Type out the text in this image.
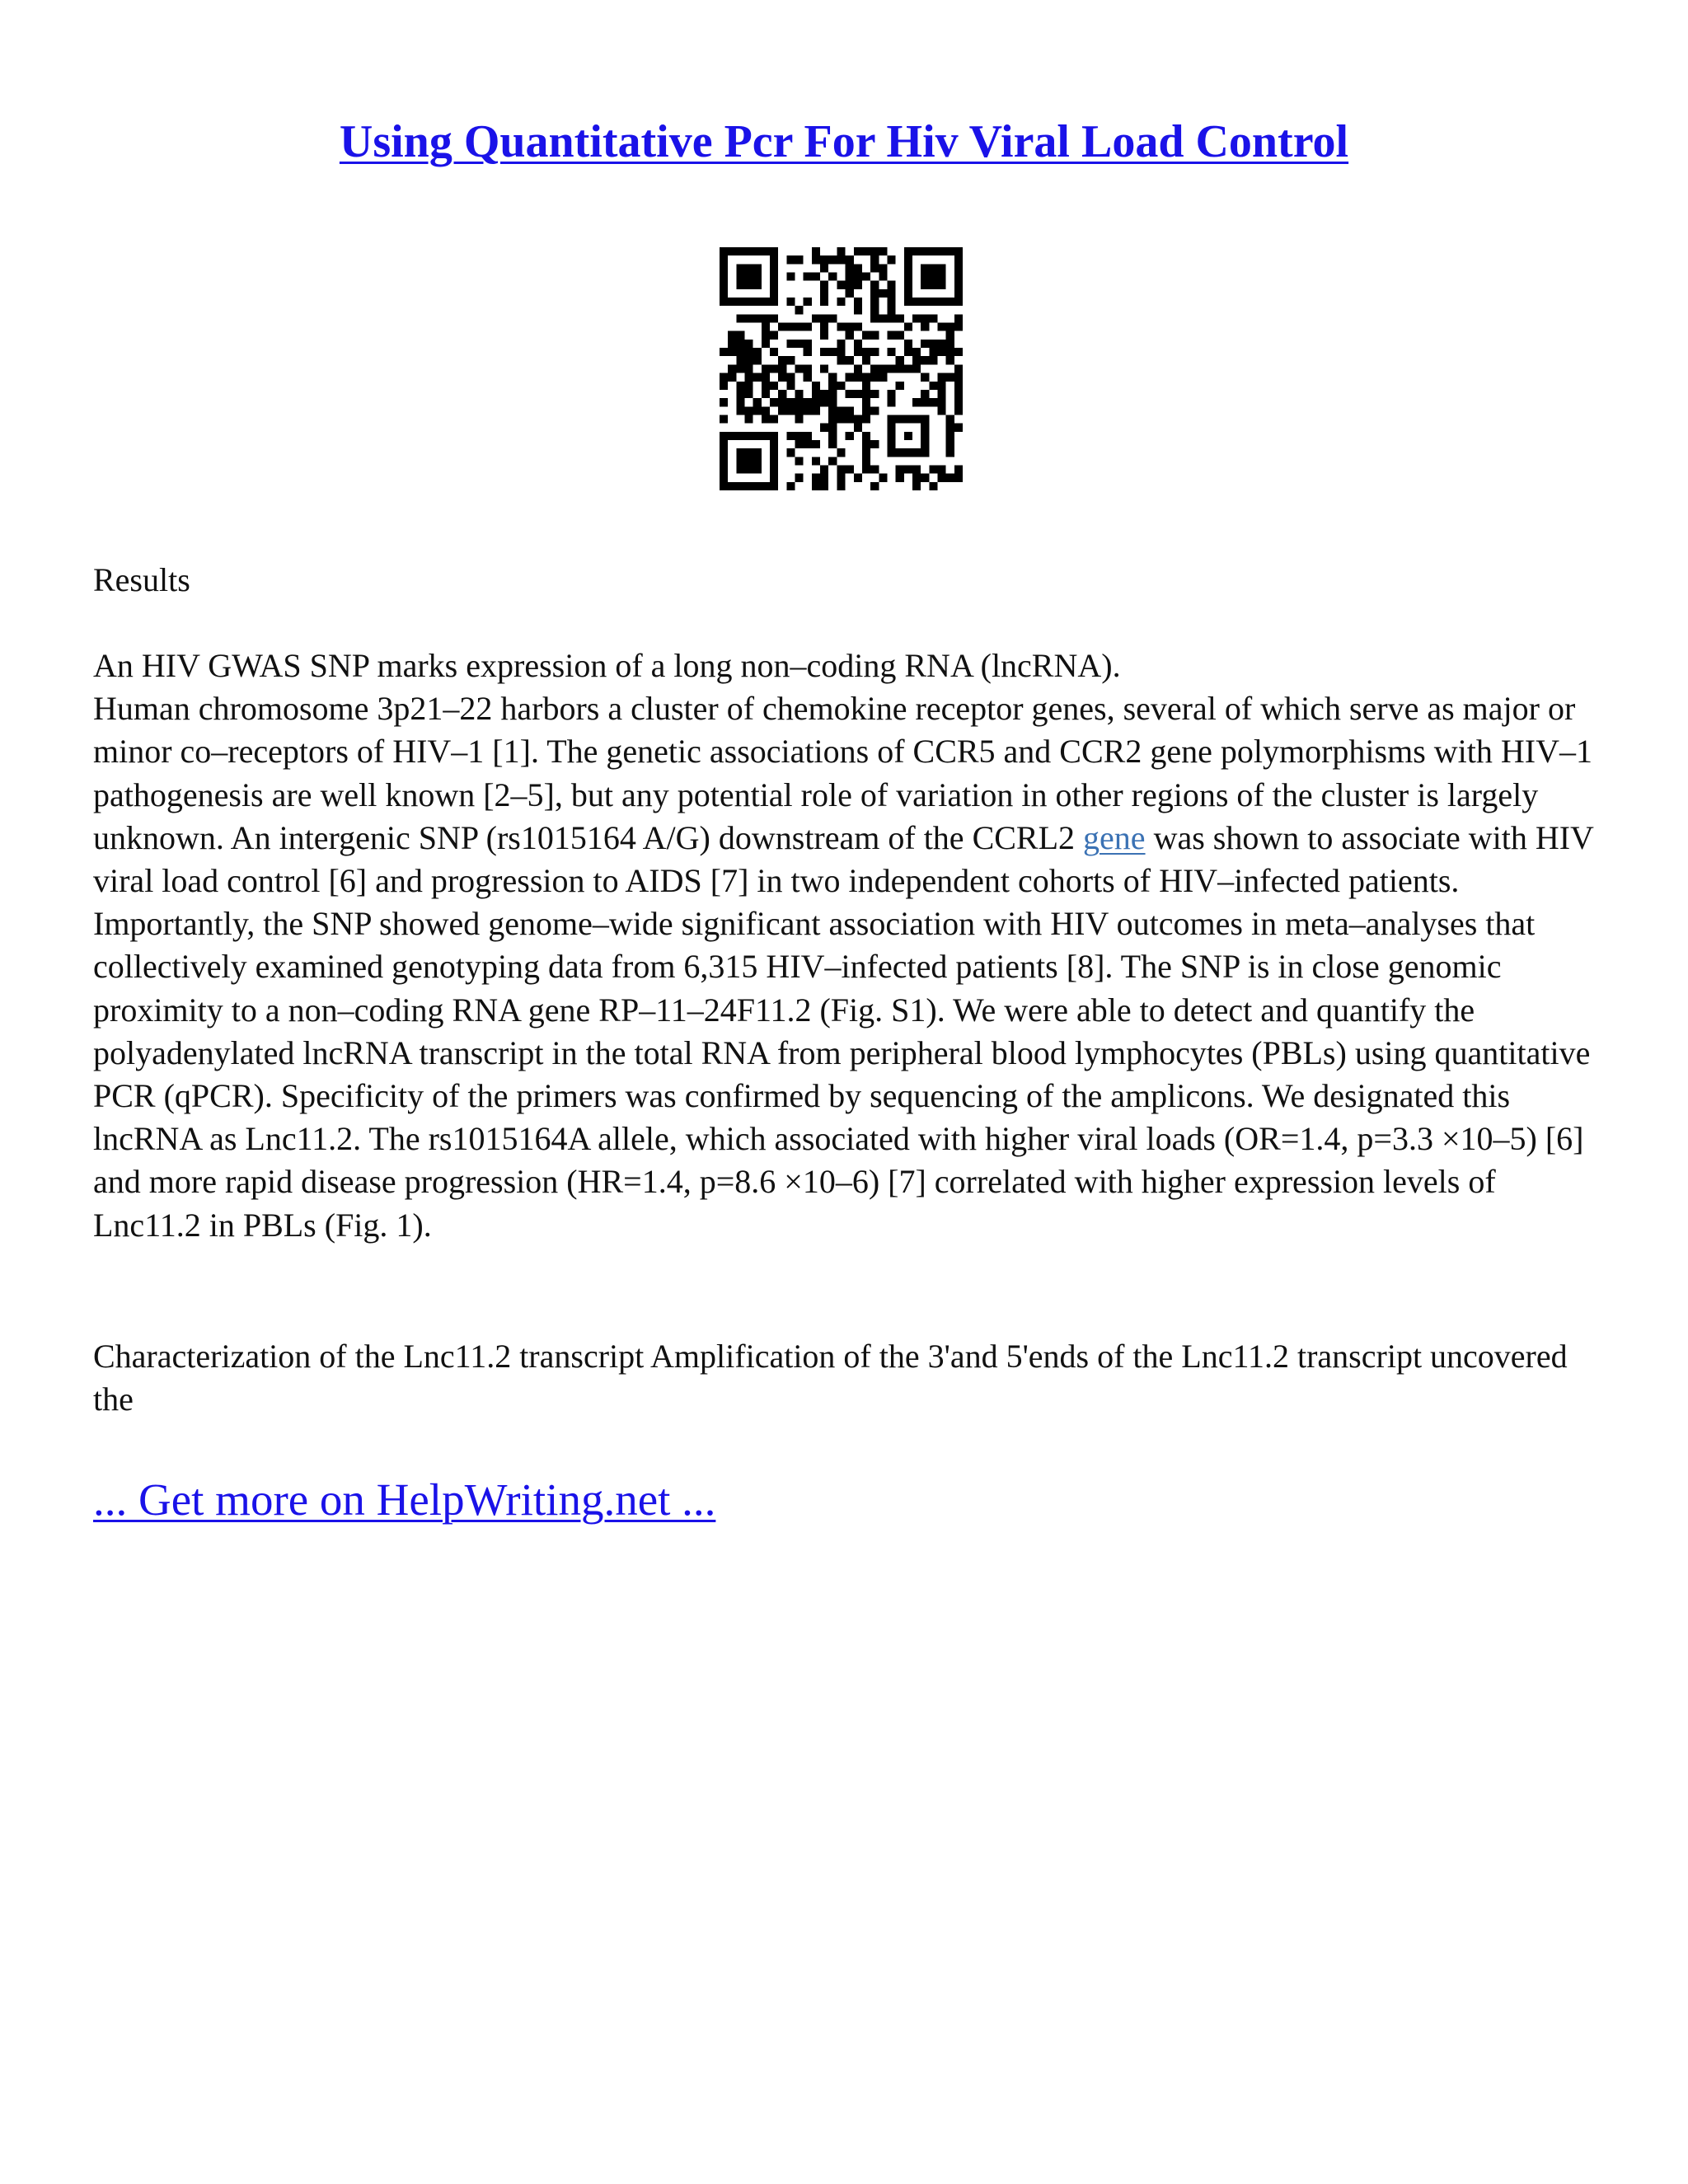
Using Quantitative Pcr For Hiv Viral Load Control

Results

An HIV GWAS SNP marks expression of a long non–coding RNA (lncRNA).
Human chromosome 3p21–22 harbors a cluster of chemokine receptor genes, several of which serve as major or minor co–receptors of HIV–1 [1]. The genetic associations of CCR5 and CCR2 gene polymorphisms with HIV–1 pathogenesis are well known [2–5], but any potential role of variation in other regions of the cluster is largely unknown. An intergenic SNP (rs1015164 A/G) downstream of the CCRL2 gene was shown to associate with HIV viral load control [6] and progression to AIDS [7] in two independent cohorts of HIV–infected patients. Importantly, the SNP showed genome–wide significant association with HIV outcomes in meta–analyses that collectively examined genotyping data from 6,315 HIV–infected patients [8]. The SNP is in close genomic proximity to a non–coding RNA gene RP–11–24F11.2 (Fig. S1). We were able to detect and quantify the polyadenylated lncRNA transcript in the total RNA from peripheral blood lymphocytes (PBLs) using quantitative PCR (qPCR). Specificity of the primers was confirmed by sequencing of the amplicons. We designated this lncRNA as Lnc11.2. The rs1015164A allele, which associated with higher viral loads (OR=1.4, p=3.3 ×10–5) [6] and more rapid disease progression (HR=1.4, p=8.6 ×10–6) [7] correlated with higher expression levels of Lnc11.2 in PBLs (Fig. 1).

Characterization of the Lnc11.2 transcript Amplification of the 3'and 5'ends of the Lnc11.2 transcript uncovered the

... Get more on HelpWriting.net ...
